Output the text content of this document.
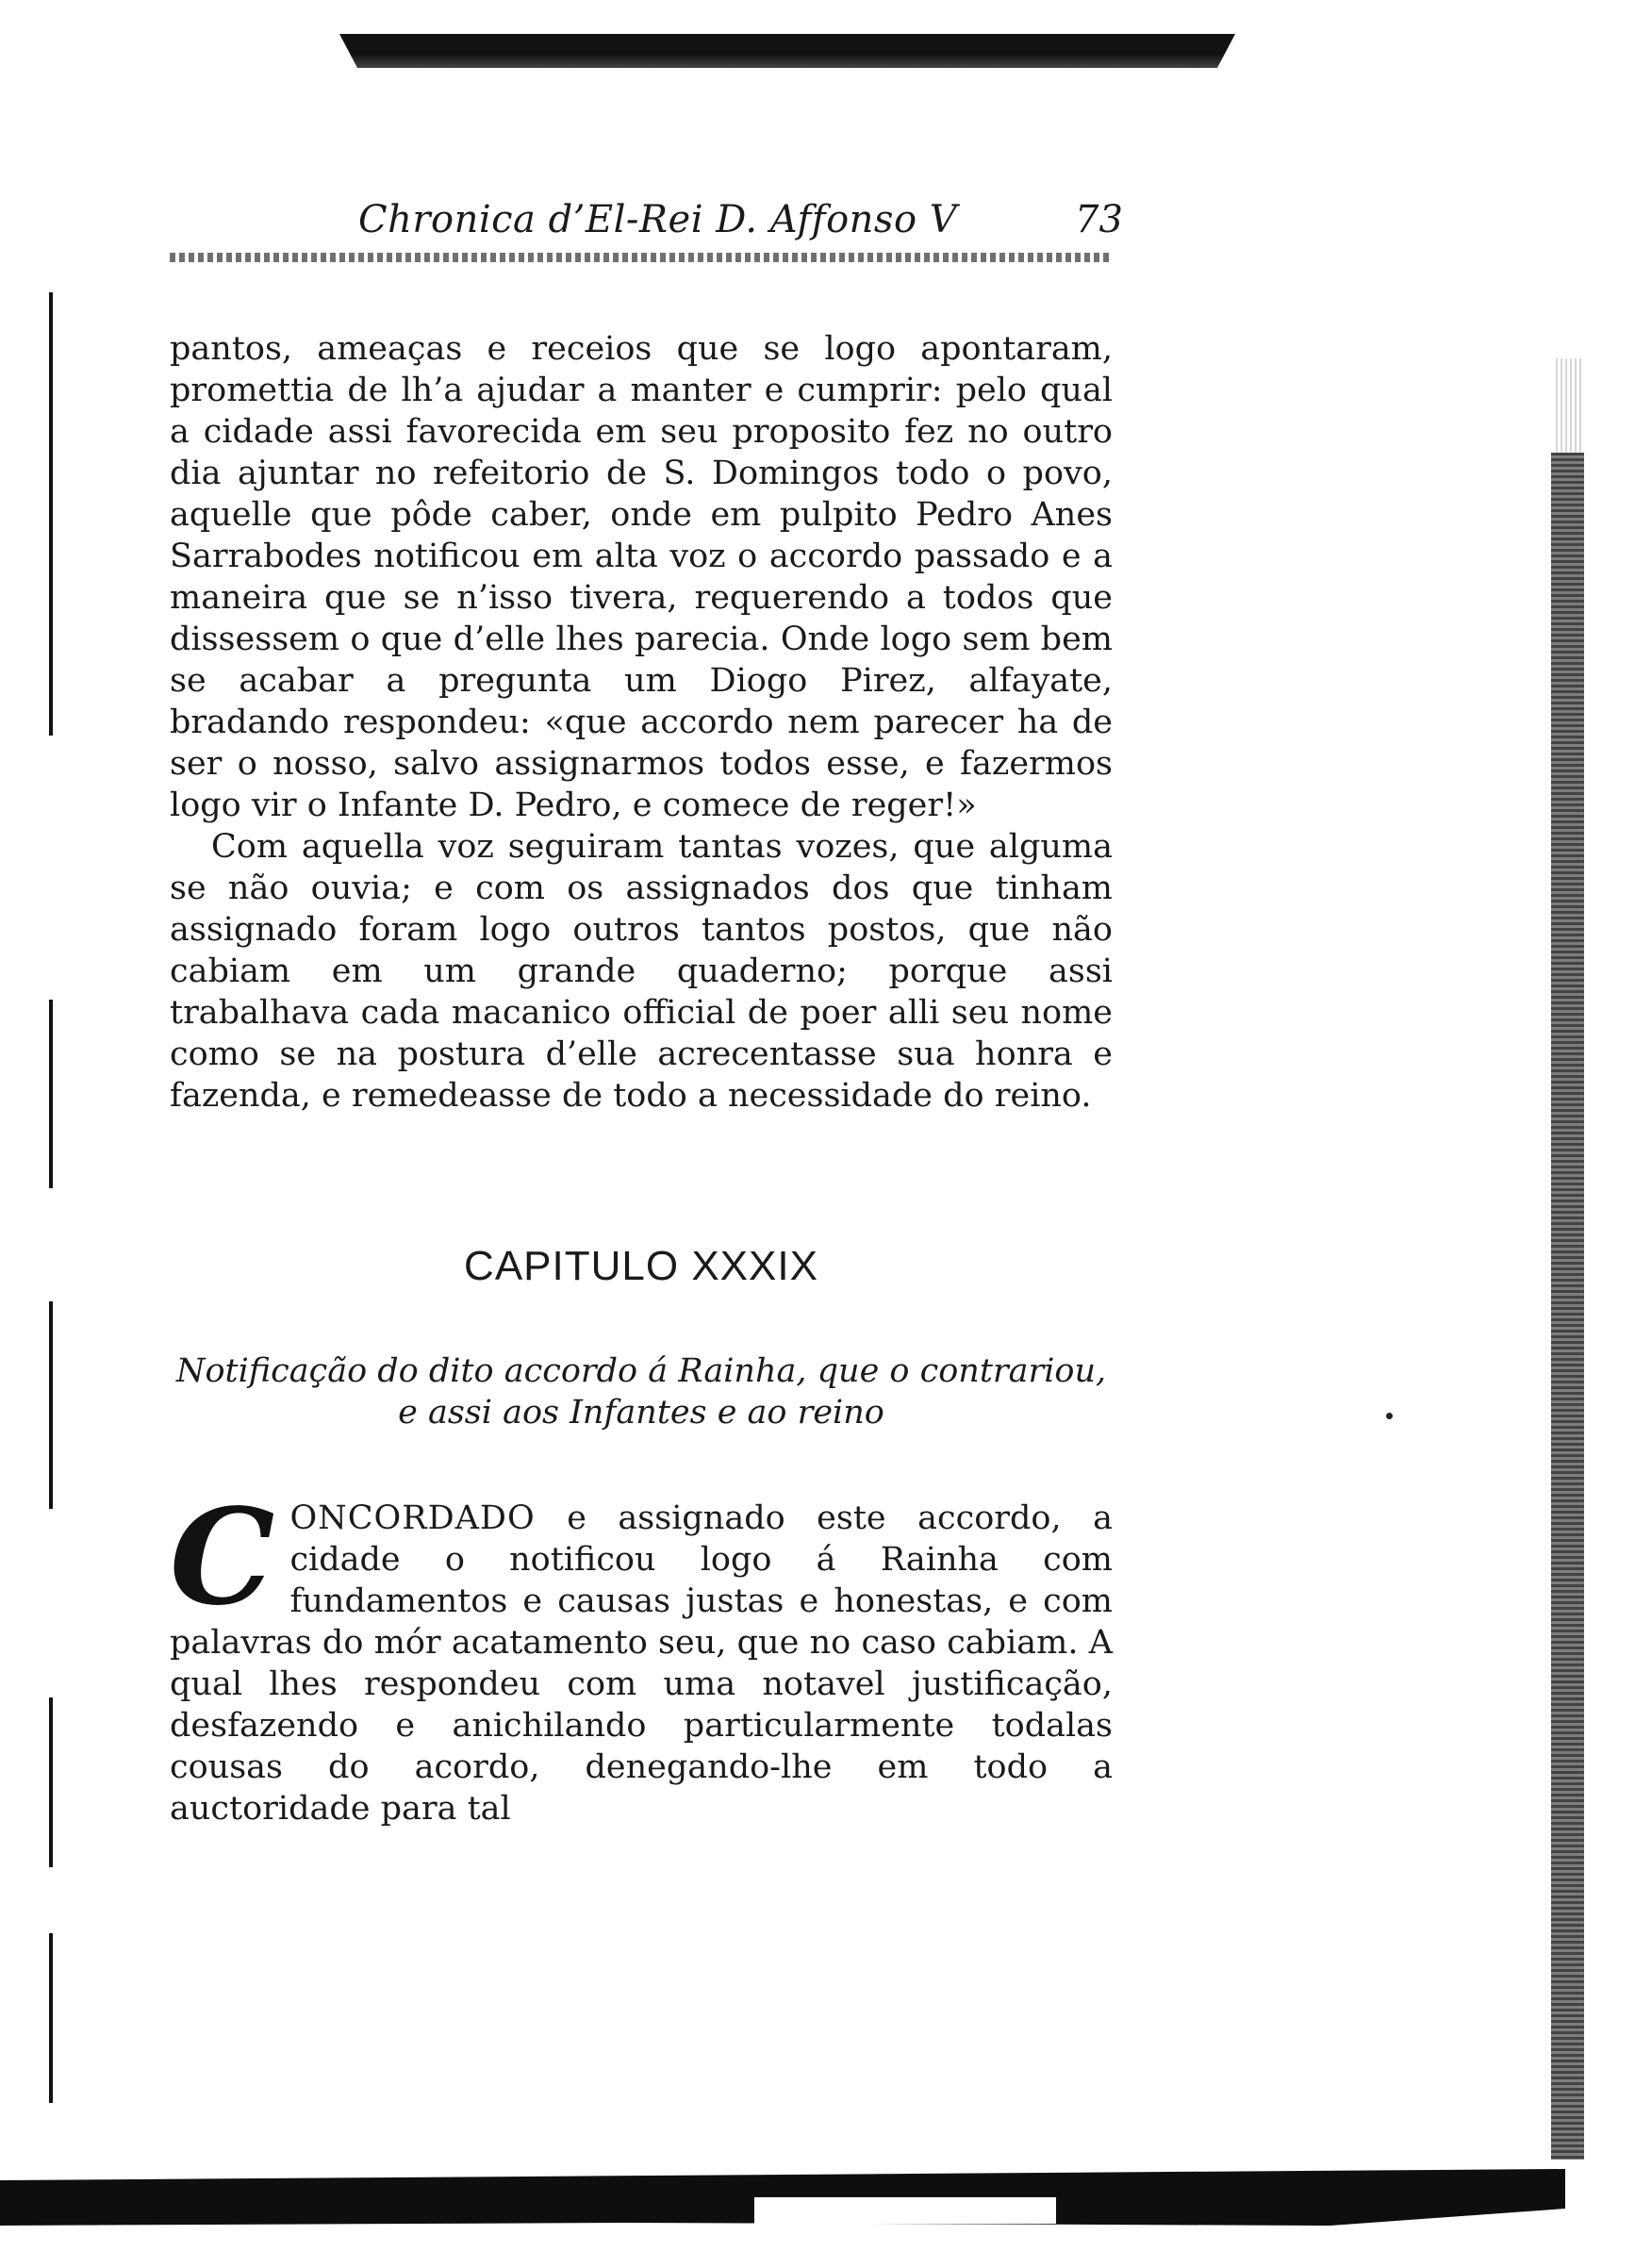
Chronica d’El-Rei D. Affonso V	73

pantos, ameaças e receios que se logo apontaram, promettia de lh’a ajudar a manter e cumprir: pelo qual a cidade assi favorecida em seu proposito fez no outro dia ajuntar no refeitorio de S. Domingos todo o povo, aquelle que pôde caber, onde em pulpito Pedro Anes Sarrabodes notificou em alta voz o accordo passado e a maneira que se n’isso tivera, requerendo a todos que dissessem o que d’elle lhes parecia. Onde logo sem bem se acabar a pregunta um Diogo Pirez, alfayate, bradando respondeu: «que accordo nem parecer ha de ser o nosso, salvo assignarmos todos esse, e fazermos logo vir o Infante D. Pedro, e comece de reger!»

Com aquella voz seguiram tantas vozes, que alguma se não ouvia; e com os assignados dos que tinham assignado foram logo outros tantos postos, que não cabiam em um grande quaderno; porque assi trabalhava cada macanico official de poer alli seu nome como se na postura d’elle acrecentasse sua honra e fazenda, e remedeasse de todo a necessidade do reino.

CAPITULO XXXIX
Notificação do dito accordo á Rainha, que o contrariou,
e assi aos Infantes e ao reino
CONCORDADO e assignado este accordo, a cidade o notificou logo á Rainha com fundamentos e causas justas e honestas, e com palavras do mór acatamento seu, que no caso cabiam. A qual lhes respondeu com uma notavel justificação, desfazendo e anichilando particularmente todalas cousas do acordo, denegando-lhe em todo a auctoridade para tal
